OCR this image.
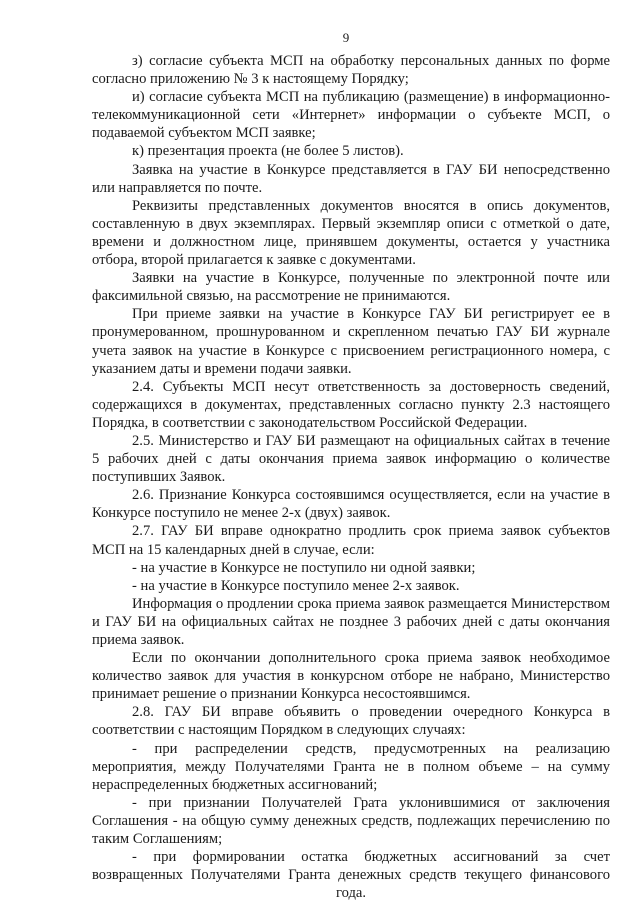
9

з) согласие субъекта МСП на обработку персональных данных по форме согласно приложению № 3 к настоящему Порядку;

и) согласие субъекта МСП на публикацию (размещение) в информационно-телекоммуникационной сети «Интернет» информации о субъекте МСП, о подаваемой субъектом МСП заявке;

к) презентация проекта (не более 5 листов).

Заявка на участие в Конкурсе представляется в ГАУ БИ непосредственно или направляется по почте.

Реквизиты представленных документов вносятся в опись документов, составленную в двух экземплярах. Первый экземпляр описи с отметкой о дате, времени и должностном лице, принявшем документы, остается у участника отбора, второй прилагается к заявке с документами.

Заявки на участие в Конкурсе, полученные по электронной почте или факсимильной связью, на рассмотрение не принимаются.

При приеме заявки на участие в Конкурсе ГАУ БИ регистрирует ее в пронумерованном, прошнурованном и скрепленном печатью ГАУ БИ журнале учета заявок на участие в Конкурсе с присвоением регистрационного номера, с указанием даты и времени подачи заявки.

2.4. Субъекты МСП несут ответственность за достоверность сведений, содержащихся в документах, представленных согласно пункту 2.3 настоящего Порядка, в соответствии с законодательством Российской Федерации.

2.5. Министерство и ГАУ БИ размещают на официальных сайтах в течение 5 рабочих дней с даты окончания приема заявок информацию о количестве поступивших Заявок.

2.6. Признание Конкурса состоявшимся осуществляется, если на участие в Конкурсе поступило не менее 2-х (двух) заявок.

2.7. ГАУ БИ вправе однократно продлить срок приема заявок субъектов МСП на 15 календарных дней в случае, если:

- на участие в Конкурсе не поступило ни одной заявки;

- на участие в Конкурсе поступило менее 2-х заявок.

Информация о продлении срока приема заявок размещается Министерством и ГАУ БИ на официальных сайтах не позднее 3 рабочих дней с даты окончания приема заявок.

Если по окончании дополнительного срока приема заявок необходимое количество заявок для участия в конкурсном отборе не набрано, Министерство принимает решение о признании Конкурса несостоявшимся.

2.8. ГАУ БИ вправе объявить о проведении очередного Конкурса в соответствии с настоящим Порядком в следующих случаях:

- при распределении средств, предусмотренных на реализацию мероприятия, между Получателями Гранта не в полном объеме – на сумму нераспределенных бюджетных ассигнований;

- при признании Получателей Грата уклонившимися от заключения Соглашения - на общую сумму денежных средств, подлежащих перечислению по таким Соглашениям;

- при формировании остатка бюджетных ассигнований за счет возвращенных Получателями Гранта денежных средств текущего финансового года.
